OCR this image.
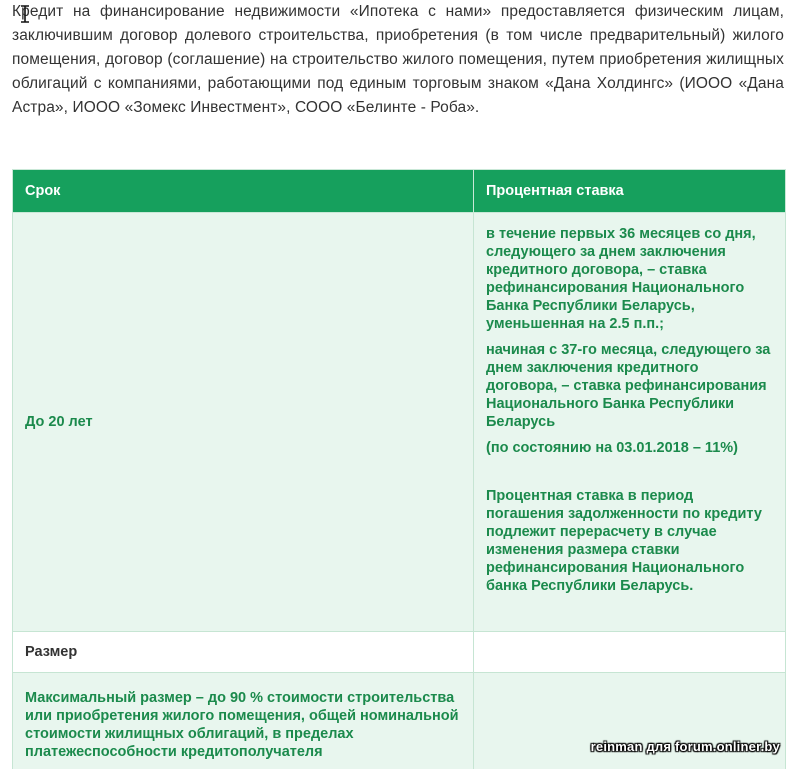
Кредит на финансирование недвижимости «Ипотека с нами» предоставляется физическим лицам, заключившим договор долевого строительства, приобретения (в том числе предварительный) жилого помещения, договор (соглашение) на строительство жилого помещения, путем приобретения жилищных облигаций с компаниями, работающими под единым торговым знаком «Дана Холдингс» (ИООО «Дана Астра», ИООО «Зомекс Инвестмент», СООО «Белинте - Роба».

Срок	Процентная ставка
До 20 лет	в течение первых 36 месяцев со дня, следующего за днем заключения кредитного договора, – ставка рефинансирования Национального Банка Республики Беларусь, уменьшенная на 2.5 п.п.;

начиная с 37-го месяца, следующего за днем заключения кредитного договора, – ставка рефинансирования Национального Банка Республики Беларусь

(по состоянию на 03.01.2018 – 11%)

Процентная ставка в период погашения задолженности по кредиту подлежит перерасчету в случае изменения размера ставки рефинансирования Национального банка Республики Беларусь.

Размер	
Максимальный размер – до 90 % стоимости строительства или приобретения жилого помещения, общей номинальной стоимости жилищных облигаций, в пределах платежеспособности кредитополучателя		reinman для forum.onliner.by
